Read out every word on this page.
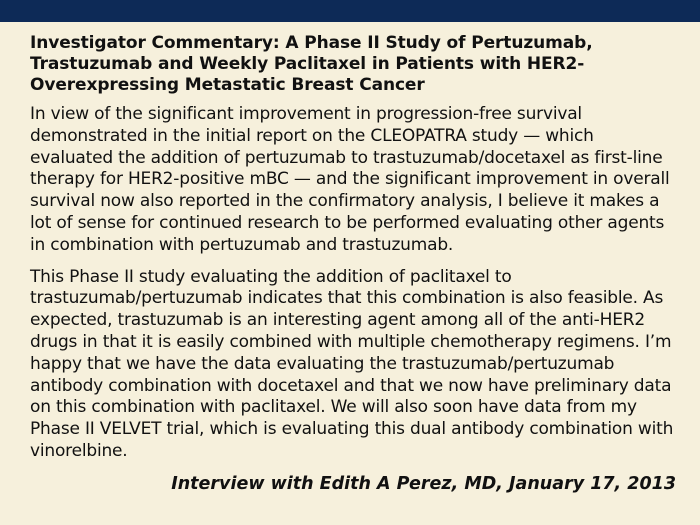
Investigator Commentary: A Phase II Study of Pertuzumab, Trastuzumab and Weekly Paclitaxel in Patients with HER2-Overexpressing Metastatic Breast Cancer

In view of the significant improvement in progression-free survival demonstrated in the initial report on the CLEOPATRA study — which evaluated the addition of pertuzumab to trastuzumab/docetaxel as first-line therapy for HER2-positive mBC — and the significant improvement in overall survival now also reported in the confirmatory analysis, I believe it makes a lot of sense for continued research to be performed evaluating other agents in combination with pertuzumab and trastuzumab.

This Phase II study evaluating the addition of paclitaxel to trastuzumab/pertuzumab indicates that this combination is also feasible. As expected, trastuzumab is an interesting agent among all of the anti-HER2 drugs in that it is easily combined with multiple chemotherapy regimens. I’m happy that we have the data evaluating the trastuzumab/pertuzumab antibody combination with docetaxel and that we now have preliminary data on this combination with paclitaxel. We will also soon have data from my Phase II VELVET trial, which is evaluating this dual antibody combination with vinorelbine.

Interview with Edith A Perez, MD, January 17, 2013
